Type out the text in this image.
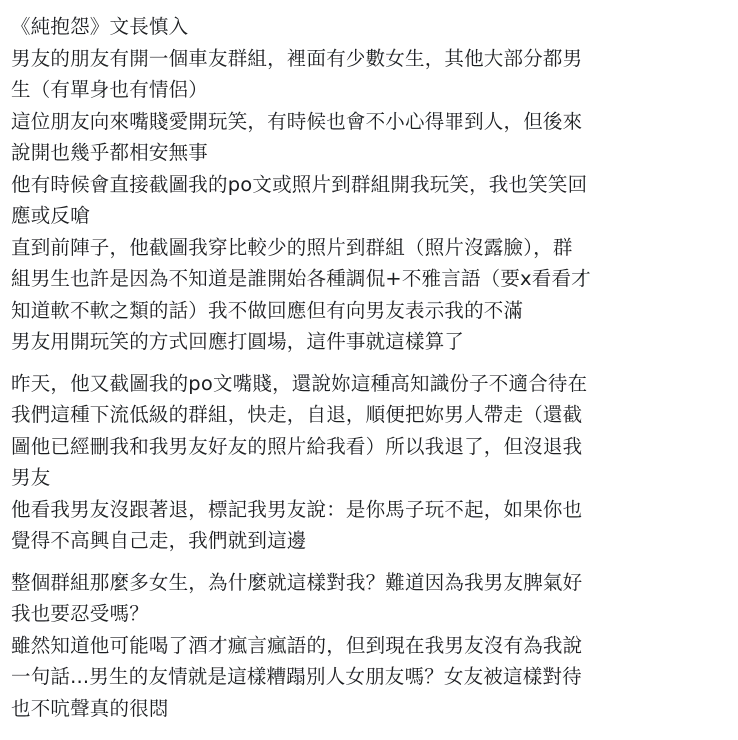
《純抱怨》文長慎入
男友的朋友有開一個車友群組，裡面有少數女生，其他大部分都男
生（有單身也有情侶）
這位朋友向來嘴賤愛開玩笑，有時候也會不小心得罪到人，但後來
說開也幾乎都相安無事
他有時候會直接截圖我的po文或照片到群組開我玩笑，我也笑笑回
應或反嗆
直到前陣子，他截圖我穿比較少的照片到群組（照片沒露臉），群
組男生也許是因為不知道是誰開始各種調侃+不雅言語（要x看看才
知道軟不軟之類的話）我不做回應但有向男友表示我的不滿
男友用開玩笑的方式回應打圓場，這件事就這樣算了
昨天，他又截圖我的po文嘴賤，還說妳這種高知識份子不適合待在
我們這種下流低級的群組，快走，自退，順便把妳男人帶走（還截
圖他已經刪我和我男友好友的照片給我看）所以我退了，但沒退我
男友
他看我男友沒跟著退，標記我男友說：是你馬子玩不起，如果你也
覺得不高興自己走，我們就到這邊
整個群組那麼多女生，為什麼就這樣對我？難道因為我男友脾氣好
我也要忍受嗎？
雖然知道他可能喝了酒才瘋言瘋語的，但到現在我男友沒有為我說
一句話...男生的友情就是這樣糟蹋別人女朋友嗎？女友被這樣對待
也不吭聲真的很悶
